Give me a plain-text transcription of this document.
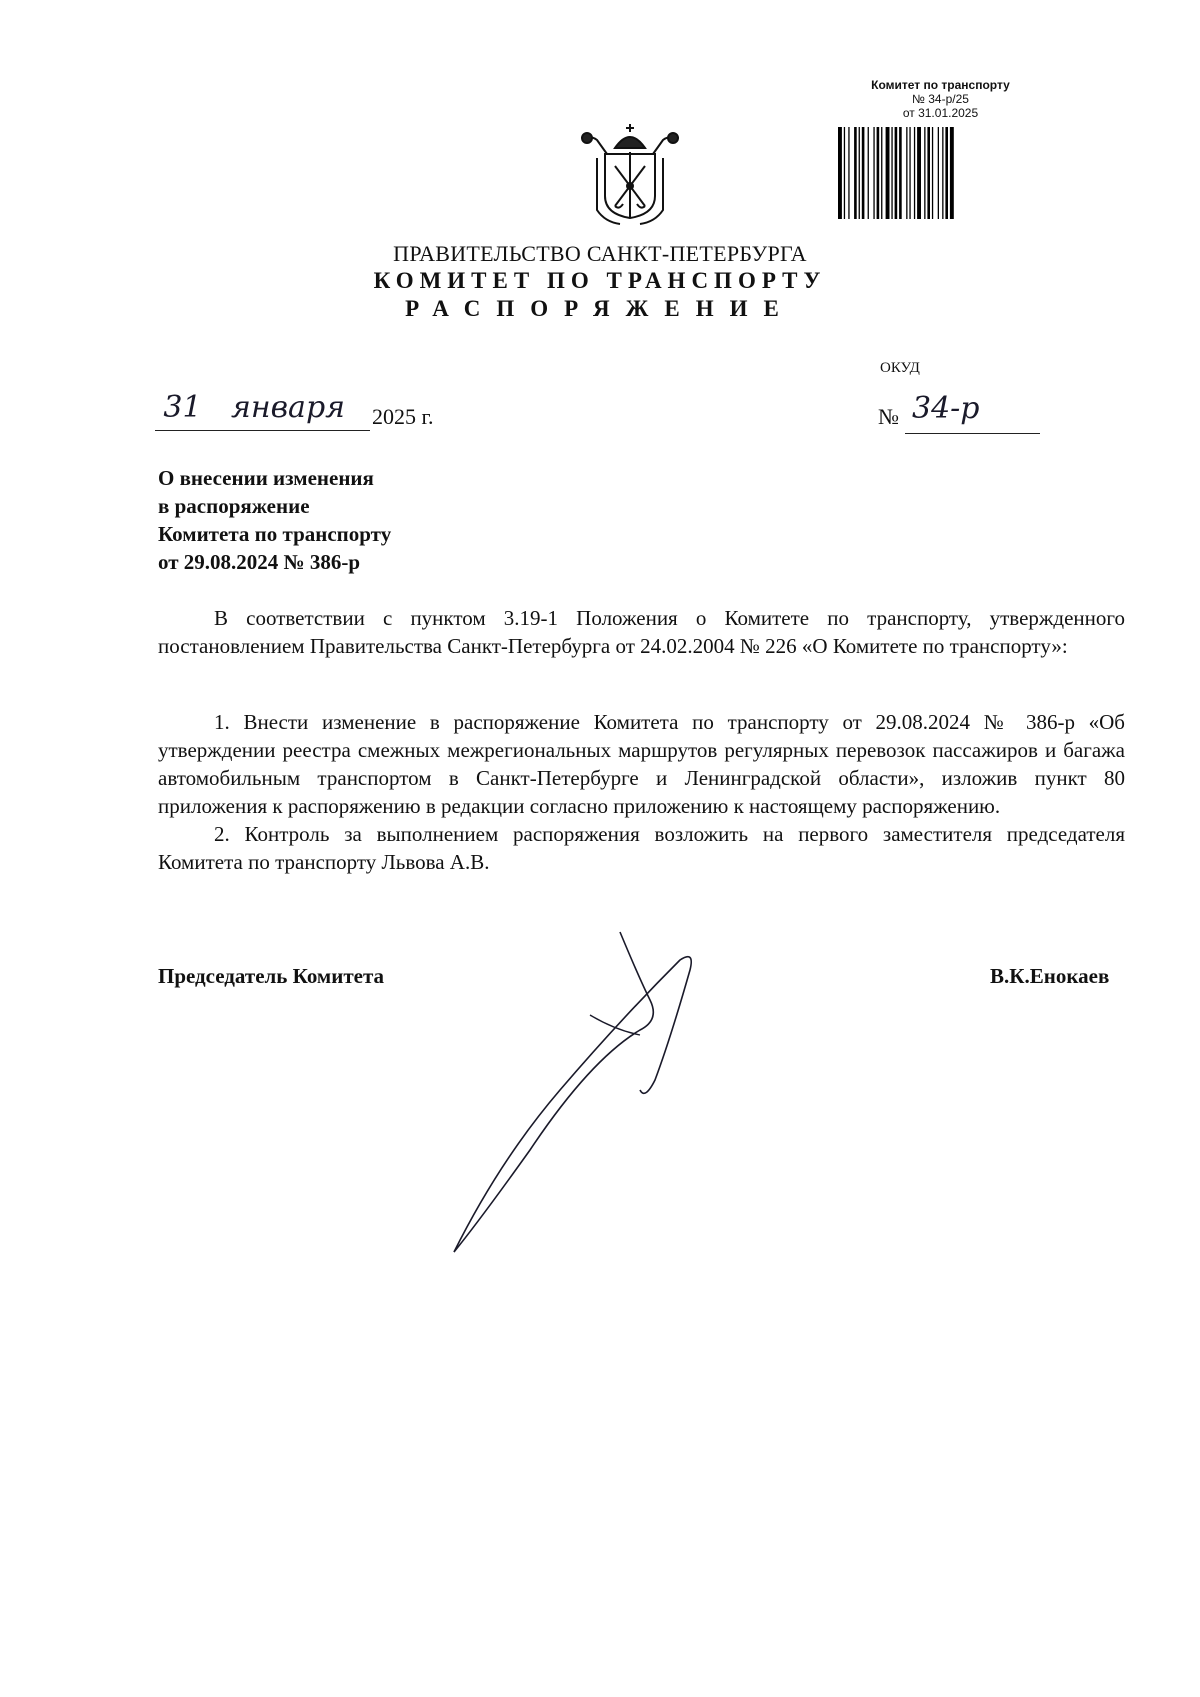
Комитет по транспорту
№ 34-р/25
от 31.01.2025
ПРАВИТЕЛЬСТВО САНКТ-ПЕТЕРБУРГА
КОМИТЕТ ПО ТРАНСПОРТУ
РАСПОРЯЖЕНИЕ
ОКУД
31 января	2025 г.	№ 34-р
О внесении изменения
в распоряжение
Комитета по транспорту
от 29.08.2024 № 386-р

В соответствии с пунктом 3.19-1 Положения о Комитете по транспорту, утвержденного постановлением Правительства Санкт-Петербурга от 24.02.2004 № 226 «О Комитете по транспорту»:

1. Внести изменение в распоряжение Комитета по транспорту от 29.08.2024 № 386-р «Об утверждении реестра смежных межрегиональных маршрутов регулярных перевозок пассажиров и багажа автомобильным транспортом в Санкт-Петербурге и Ленинградской области», изложив пункт 80 приложения к распоряжению в редакции согласно приложению к настоящему распоряжению.

2. Контроль за выполнением распоряжения возложить на первого заместителя председателя Комитета по транспорту Львова А.В.

Председатель Комитета	В.К.Енокаев
